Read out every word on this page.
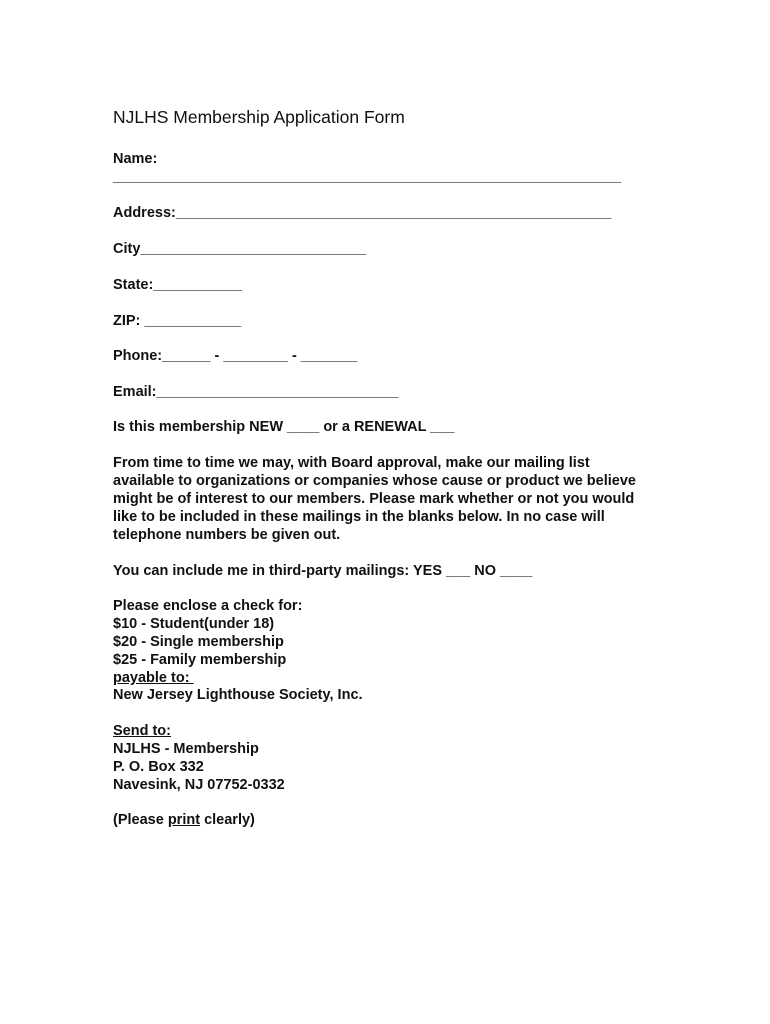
NJLHS Membership Application Form
Name:
_______________________________________________________________
Address:______________________________________________________
City____________________________
State:___________
ZIP: ____________
Phone:______ - ________ - _______
Email:______________________________
Is this membership NEW ____ or a RENEWAL ___
From time to time we may, with Board approval, make our mailing list available to organizations or companies whose cause or product we believe might be of interest to our members. Please mark whether or not you would like to be included in these mailings in the blanks below. In no case will telephone numbers be given out.
You can include me in third-party mailings: YES ___ NO ____
Please enclose a check for:
$10 - Student(under 18)
$20 - Single membership
$25 - Family membership
payable to:
New Jersey Lighthouse Society, Inc.
Send to:
NJLHS - Membership
P. O. Box 332
Navesink, NJ 07752-0332
(Please print clearly)
